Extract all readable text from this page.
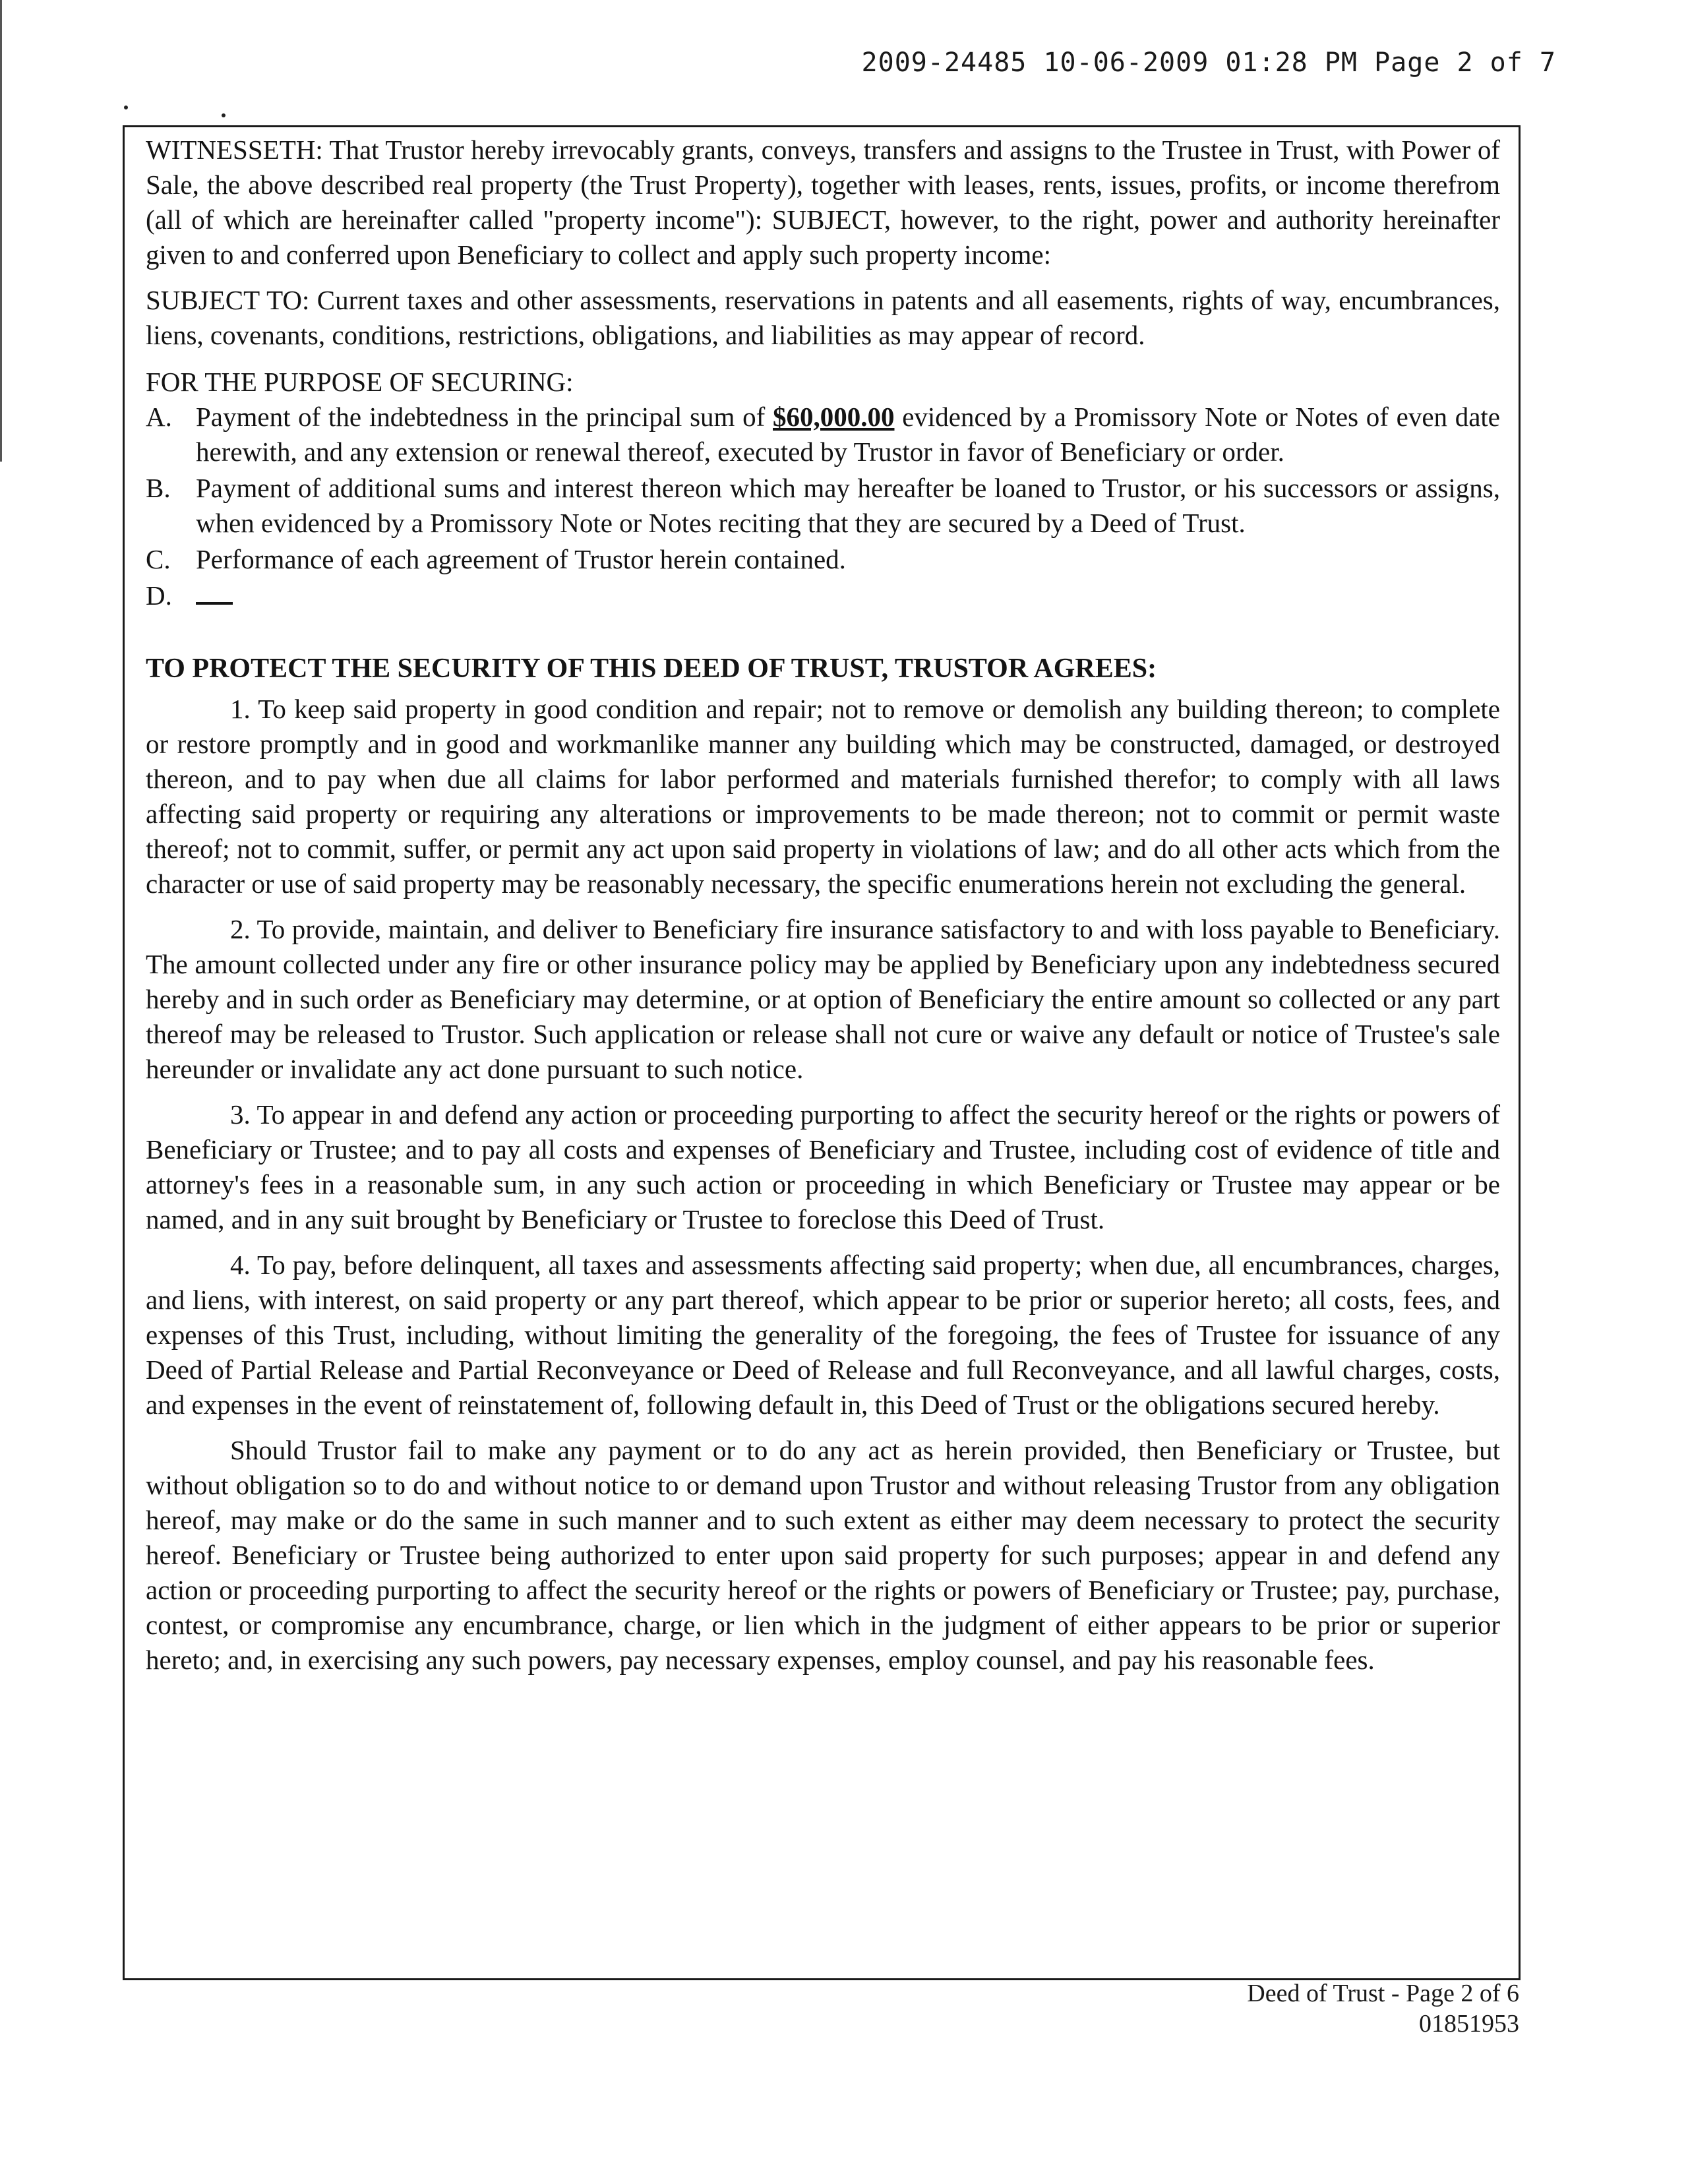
2009-24485 10-06-2009 01:28 PM Page 2 of 7

WITNESSETH: That Trustor hereby irrevocably grants, conveys, transfers and assigns to the Trustee in Trust, with Power of Sale, the above described real property (the Trust Property), together with leases, rents, issues, profits, or income therefrom (all of which are hereinafter called "property income"): SUBJECT, however, to the right, power and authority hereinafter given to and conferred upon Beneficiary to collect and apply such property income:

SUBJECT TO: Current taxes and other assessments, reservations in patents and all easements, rights of way, encumbrances, liens, covenants, conditions, restrictions, obligations, and liabilities as may appear of record.

FOR THE PURPOSE OF SECURING:

A. Payment of the indebtedness in the principal sum of $60,000.00 evidenced by a Promissory Note or Notes of even date herewith, and any extension or renewal thereof, executed by Trustor in favor of Beneficiary or order.
B. Payment of additional sums and interest thereon which may hereafter be loaned to Trustor, or his successors or assigns, when evidenced by a Promissory Note or Notes reciting that they are secured by a Deed of Trust.
C. Performance of each agreement of Trustor herein contained.
D.

TO PROTECT THE SECURITY OF THIS DEED OF TRUST, TRUSTOR AGREES:

1. To keep said property in good condition and repair; not to remove or demolish any building thereon; to complete or restore promptly and in good and workmanlike manner any building which may be constructed, damaged, or destroyed thereon, and to pay when due all claims for labor performed and materials furnished therefor; to comply with all laws affecting said property or requiring any alterations or improvements to be made thereon; not to commit or permit waste thereof; not to commit, suffer, or permit any act upon said property in violations of law; and do all other acts which from the character or use of said property may be reasonably necessary, the specific enumerations herein not excluding the general.

2. To provide, maintain, and deliver to Beneficiary fire insurance satisfactory to and with loss payable to Beneficiary. The amount collected under any fire or other insurance policy may be applied by Beneficiary upon any indebtedness secured hereby and in such order as Beneficiary may determine, or at option of Beneficiary the entire amount so collected or any part thereof may be released to Trustor. Such application or release shall not cure or waive any default or notice of Trustee's sale hereunder or invalidate any act done pursuant to such notice.

3. To appear in and defend any action or proceeding purporting to affect the security hereof or the rights or powers of Beneficiary or Trustee; and to pay all costs and expenses of Beneficiary and Trustee, including cost of evidence of title and attorney's fees in a reasonable sum, in any such action or proceeding in which Beneficiary or Trustee may appear or be named, and in any suit brought by Beneficiary or Trustee to foreclose this Deed of Trust.

4. To pay, before delinquent, all taxes and assessments affecting said property; when due, all encumbrances, charges, and liens, with interest, on said property or any part thereof, which appear to be prior or superior hereto; all costs, fees, and expenses of this Trust, including, without limiting the generality of the foregoing, the fees of Trustee for issuance of any Deed of Partial Release and Partial Reconveyance or Deed of Release and full Reconveyance, and all lawful charges, costs, and expenses in the event of reinstatement of, following default in, this Deed of Trust or the obligations secured hereby.

Should Trustor fail to make any payment or to do any act as herein provided, then Beneficiary or Trustee, but without obligation so to do and without notice to or demand upon Trustor and without releasing Trustor from any obligation hereof, may make or do the same in such manner and to such extent as either may deem necessary to protect the security hereof. Beneficiary or Trustee being authorized to enter upon said property for such purposes; appear in and defend any action or proceeding purporting to affect the security hereof or the rights or powers of Beneficiary or Trustee; pay, purchase, contest, or compromise any encumbrance, charge, or lien which in the judgment of either appears to be prior or superior hereto; and, in exercising any such powers, pay necessary expenses, employ counsel, and pay his reasonable fees.

Deed of Trust - Page 2 of 6
01851953
